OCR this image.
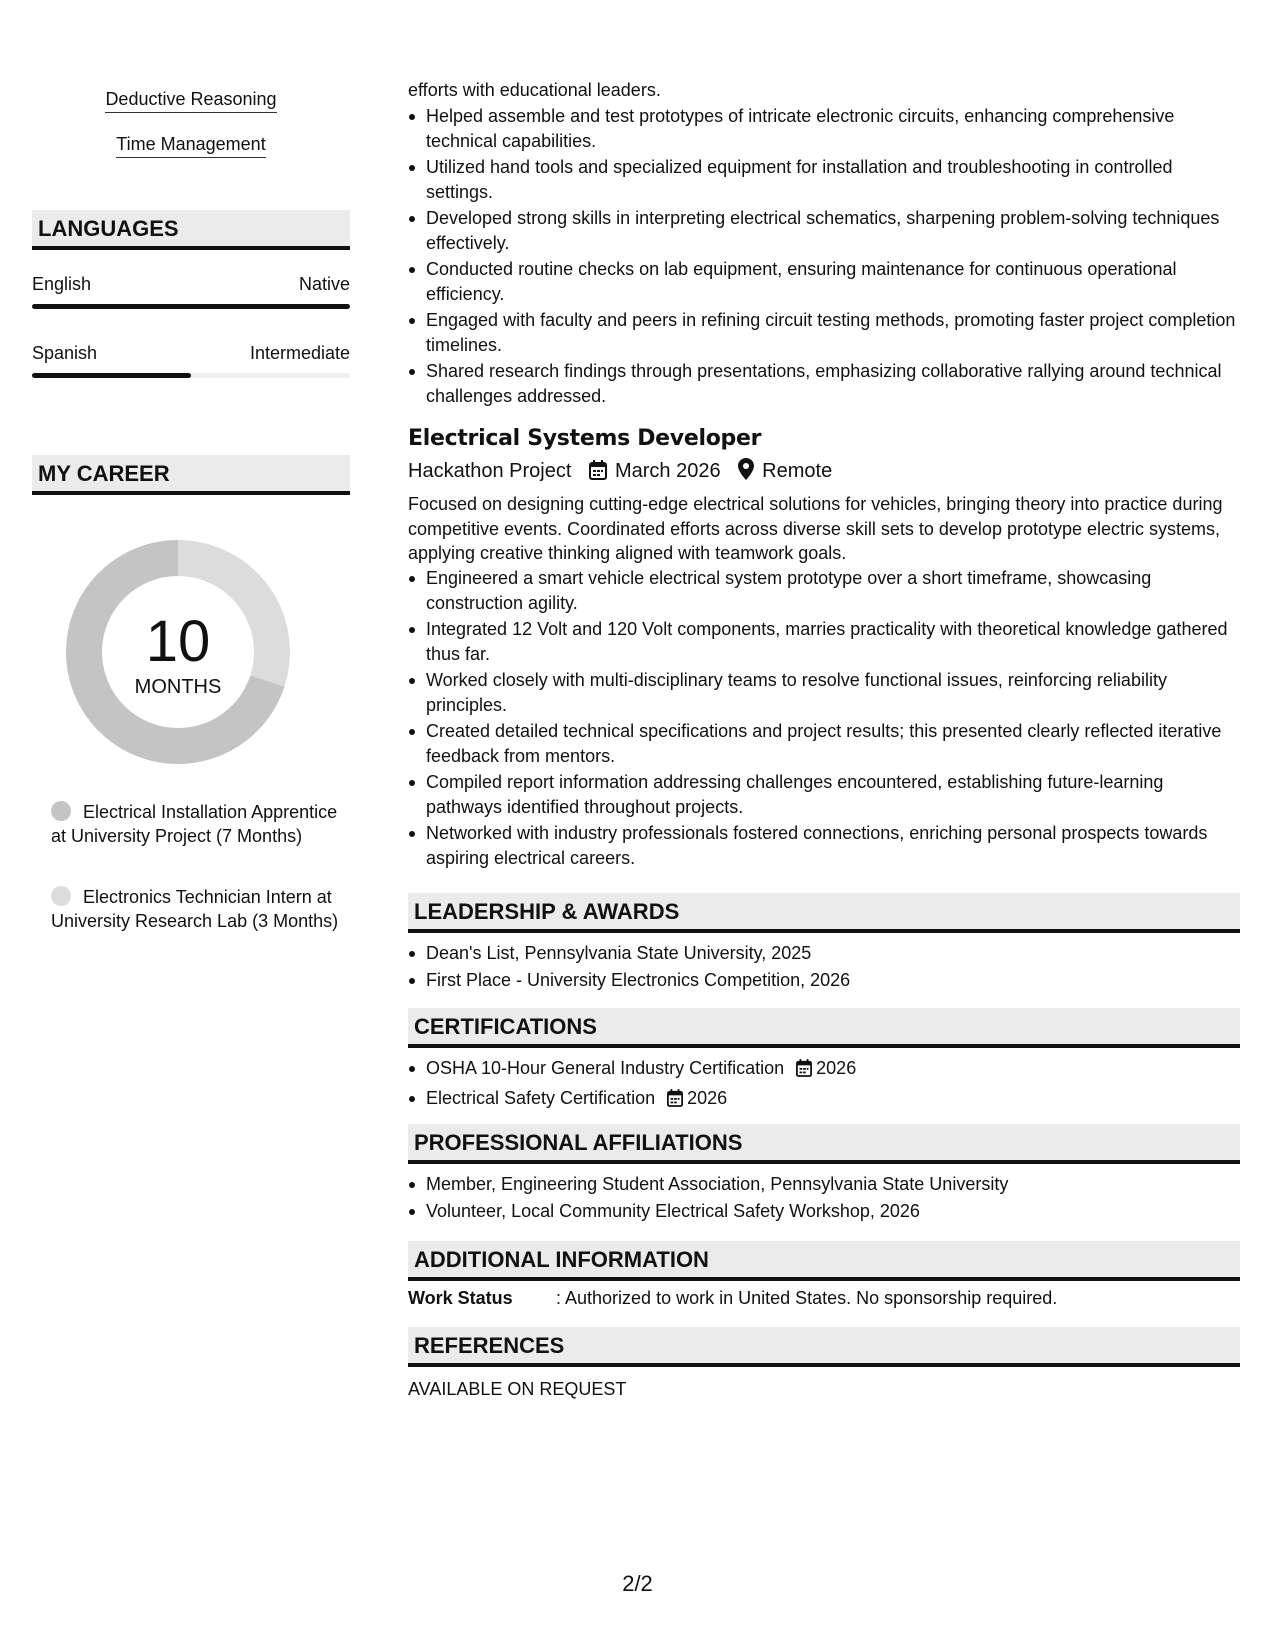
Deductive Reasoning
Time Management
LANGUAGES
English	Native
Spanish	Intermediate
MY CAREER
10
MONTHS
Electrical Installation Apprentice at University Project (7 Months)
Electronics Technician Intern at University Research Lab (3 Months)
efforts with educational leaders.
Helped assemble and test prototypes of intricate electronic circuits, enhancing comprehensive technical capabilities.
Utilized hand tools and specialized equipment for installation and troubleshooting in controlled settings.
Developed strong skills in interpreting electrical schematics, sharpening problem-solving techniques effectively.
Conducted routine checks on lab equipment, ensuring maintenance for continuous operational efficiency.
Engaged with faculty and peers in refining circuit testing methods, promoting faster project completion timelines.
Shared research findings through presentations, emphasizing collaborative rallying around technical challenges addressed.
Electrical Systems Developer
Hackathon Project March 2026 Remote
Focused on designing cutting-edge electrical solutions for vehicles, bringing theory into practice during competitive events. Coordinated efforts across diverse skill sets to develop prototype electric systems, applying creative thinking aligned with teamwork goals.
Engineered a smart vehicle electrical system prototype over a short timeframe, showcasing construction agility.
Integrated 12 Volt and 120 Volt components, marries practicality with theoretical knowledge gathered thus far.
Worked closely with multi-disciplinary teams to resolve functional issues, reinforcing reliability principles.
Created detailed technical specifications and project results; this presented clearly reflected iterative feedback from mentors.
Compiled report information addressing challenges encountered, establishing future-learning pathways identified throughout projects.
Networked with industry professionals fostered connections, enriching personal prospects towards aspiring electrical careers.
LEADERSHIP & AWARDS
Dean's List, Pennsylvania State University, 2025
First Place - University Electronics Competition, 2026
CERTIFICATIONS
OSHA 10-Hour General Industry Certification 2026
Electrical Safety Certification 2026
PROFESSIONAL AFFILIATIONS
Member, Engineering Student Association, Pennsylvania State University
Volunteer, Local Community Electrical Safety Workshop, 2026
ADDITIONAL INFORMATION
Work Status : Authorized to work in United States. No sponsorship required.
REFERENCES
AVAILABLE ON REQUEST
2/2
